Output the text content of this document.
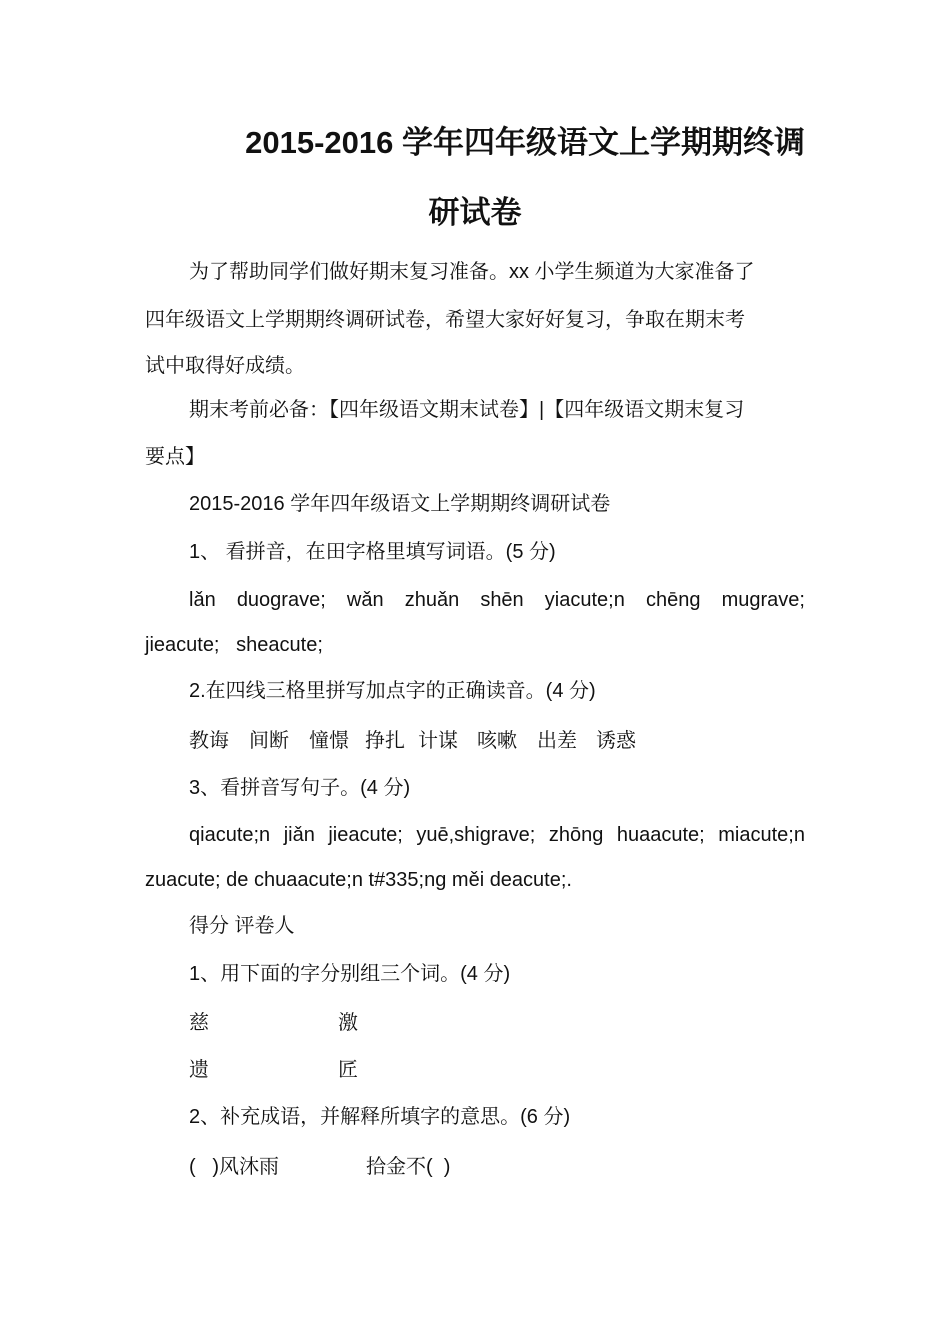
2015-2016 学年四年级语文上学期期终调
研试卷
为了帮助同学们做好期末复习准备。xx 小学生频道为大家准备了
四年级语文上学期期终调研试卷，希望大家好好复习，争取在期末考
试中取得好成绩。
期末考前必备：【四年级语文期末试卷】|【四年级语文期末复习
要点】
2015-2016 学年四年级语文上学期期终调研试卷
1、 看拼音，在田字格里填写词语。(5 分)
lǎn duograve; wǎn zhuǎn shēn yiacute;n chēng mugrave;
jieacute;   sheacute;
2.在四线三格里拼写加点字的正确读音。(4 分)
教诲	间断	憧憬 挣扎 计谋 咳嗽	出差 诱惑
3、看拼音写句子。(4 分)
qiacute;n jiǎn jieacute; yuē,shigrave; zhōng huaacute; miacute;n
zuacute; de chuaacute;n t#335;ng měi deacute;.
得分 评卷人
1、用下面的字分别组三个词。(4 分)
慈	激
遗	匠
2、补充成语，并解释所填字的意思。(6 分)
(   )风沐雨	拾金不(  )
